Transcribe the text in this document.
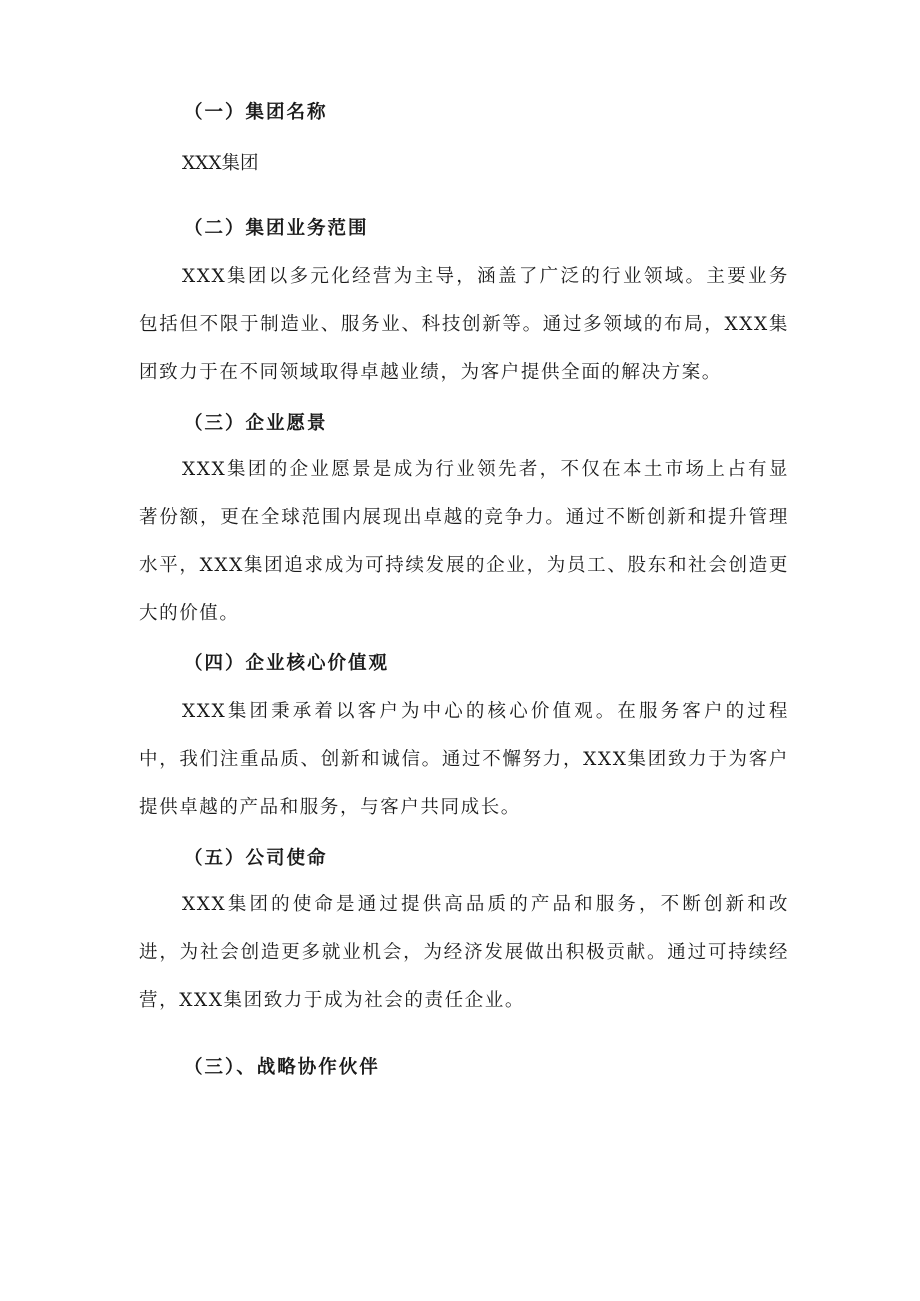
（一）集团名称

XXX集团

（二）集团业务范围

XXX集团以多元化经营为主导，涵盖了广泛的行业领域。主要业务包括但不限于制造业、服务业、科技创新等。通过多领域的布局，XXX集团致力于在不同领域取得卓越业绩，为客户提供全面的解决方案。

（三）企业愿景

XXX集团的企业愿景是成为行业领先者，不仅在本土市场上占有显著份额，更在全球范围内展现出卓越的竞争力。通过不断创新和提升管理水平，XXX集团追求成为可持续发展的企业，为员工、股东和社会创造更大的价值。

（四）企业核心价值观

XXX集团秉承着以客户为中心的核心价值观。在服务客户的过程中，我们注重品质、创新和诚信。通过不懈努力，XXX集团致力于为客户提供卓越的产品和服务，与客户共同成长。

（五）公司使命

XXX集团的使命是通过提供高品质的产品和服务，不断创新和改进，为社会创造更多就业机会，为经济发展做出积极贡献。通过可持续经营，XXX集团致力于成为社会的责任企业。

（三）、战略协作伙伴
